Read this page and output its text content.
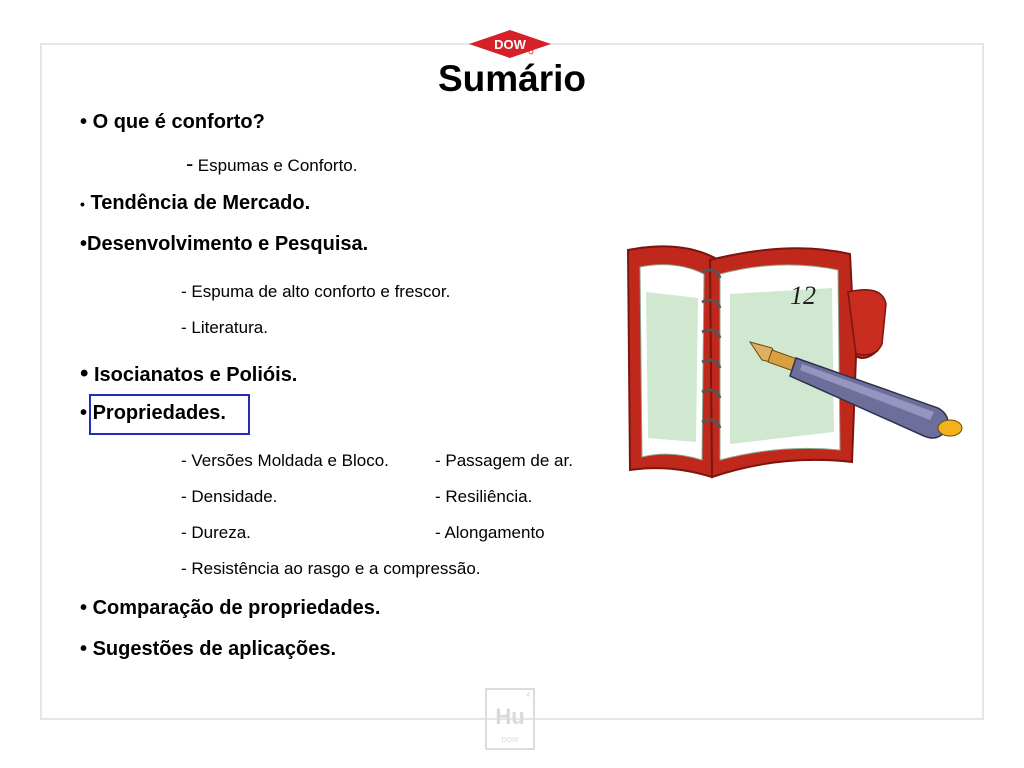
DOW
Sumário
• O que é conforto?
- Espumas e Conforto.
• Tendência de Mercado.
•Desenvolvimento e Pesquisa.
- Espuma de alto conforto e frescor.
- Literatura.
• Isocianatos e Polióis.
• Propriedades.
- Versões Moldada e Bloco.	- Passagem de ar.
- Densidade.	- Resiliência.
- Dureza.	- Alongamento
- Resistência ao rasgo e a compressão.
• Comparação de propriedades.
• Sugestões de aplicações.
12
4
Hu
DOW
